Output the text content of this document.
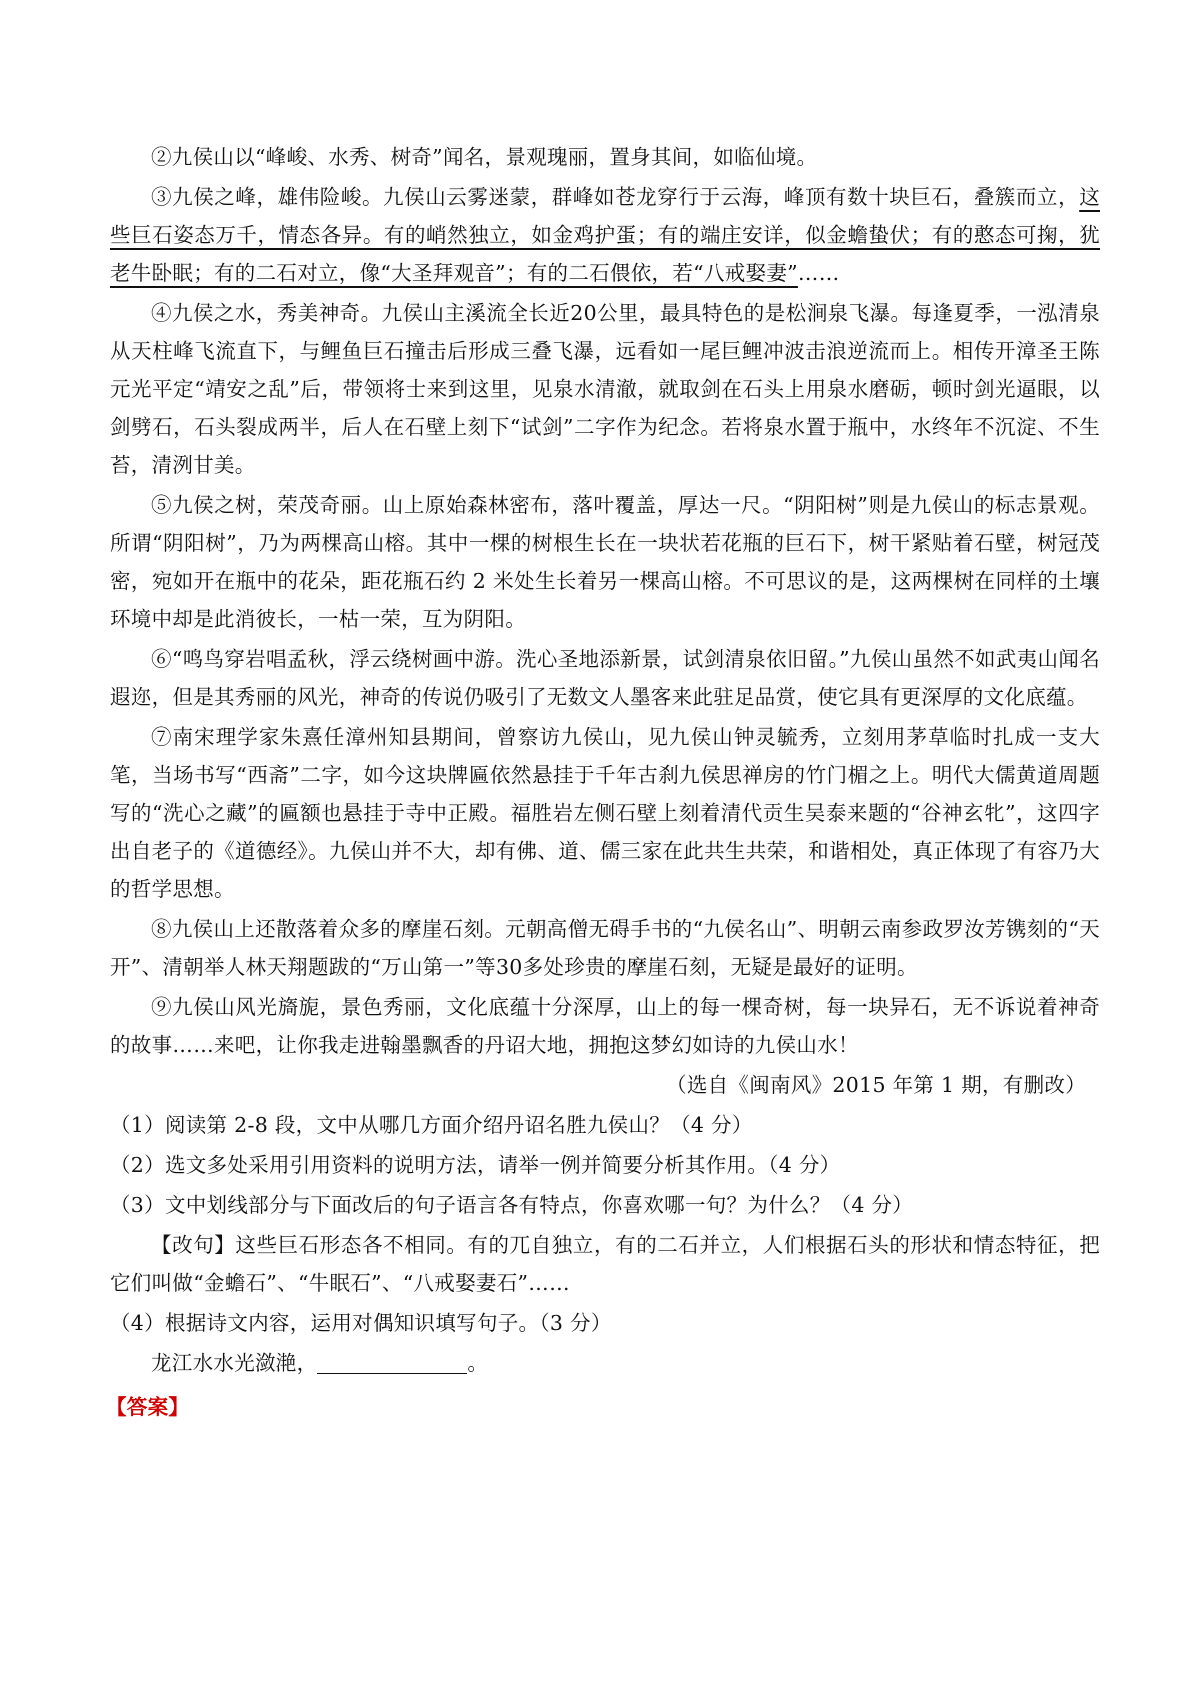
②九侯山以“峰峻、水秀、树奇”闻名，景观瑰丽，置身其间，如临仙境。

③九侯之峰，雄伟险峻。九侯山云雾迷蒙，群峰如苍龙穿行于云海，峰顶有数十块巨石，叠簇而立，这些巨石姿态万千，情态各异。有的峭然独立，如金鸡护蛋；有的端庄安详，似金蟾蛰伏；有的憨态可掬，犹老牛卧眠；有的二石对立，像“大圣拜观音”；有的二石偎依，若“八戒娶妻”……

④九侯之水，秀美神奇。九侯山主溪流全长近20公里，最具特色的是松涧泉飞瀑。每逢夏季，一泓清泉从天柱峰飞流直下，与鲤鱼巨石撞击后形成三叠飞瀑，远看如一尾巨鲤冲波击浪逆流而上。相传开漳圣王陈元光平定“靖安之乱”后，带领将士来到这里，见泉水清澈，就取剑在石头上用泉水磨砺，顿时剑光逼眼，以剑劈石，石头裂成两半，后人在石壁上刻下“试剑”二字作为纪念。若将泉水置于瓶中，水终年不沉淀、不生苔，清洌甘美。

⑤九侯之树，荣茂奇丽。山上原始森林密布，落叶覆盖，厚达一尺。“阴阳树”则是九侯山的标志景观。所谓“阴阳树”，乃为两棵高山榕。其中一棵的树根生长在一块状若花瓶的巨石下，树干紧贴着石壁，树冠茂密，宛如开在瓶中的花朵，距花瓶石约 2 米处生长着另一棵高山榕。不可思议的是，这两棵树在同样的土壤环境中却是此消彼长，一枯一荣，互为阴阳。

⑥“鸣鸟穿岩唱孟秋，浮云绕树画中游。洗心圣地添新景，试剑清泉依旧留。”九侯山虽然不如武夷山闻名遐迩，但是其秀丽的风光，神奇的传说仍吸引了无数文人墨客来此驻足品赏，使它具有更深厚的文化底蕴。

⑦南宋理学家朱熹任漳州知县期间，曾察访九侯山，见九侯山钟灵毓秀，立刻用茅草临时扎成一支大笔，当场书写“西斋”二字，如今这块牌匾依然悬挂于千年古刹九侯思禅房的竹门楣之上。明代大儒黄道周题写的“洗心之藏”的匾额也悬挂于寺中正殿。福胜岩左侧石壁上刻着清代贡生吴泰来题的“谷神玄牝”，这四字出自老子的《道德经》。九侯山并不大，却有佛、道、儒三家在此共生共荣，和谐相处，真正体现了有容乃大的哲学思想。

⑧九侯山上还散落着众多的摩崖石刻。元朝高僧无碍手书的“九侯名山”、明朝云南参政罗汝芳镌刻的“天开”、清朝举人林天翔题跋的“万山第一”等30多处珍贵的摩崖石刻，无疑是最好的证明。

⑨九侯山风光旖旎，景色秀丽，文化底蕴十分深厚，山上的每一棵奇树，每一块异石，无不诉说着神奇的故事……来吧，让你我走进翰墨飘香的丹诏大地，拥抱这梦幻如诗的九侯山水！

（选自《闽南风》2015 年第 1 期，有删改）

（1）阅读第 2-8 段，文中从哪几方面介绍丹诏名胜九侯山？（4 分）

（2）选文多处采用引用资料的说明方法，请举一例并简要分析其作用。（4 分）

（3）文中划线部分与下面改后的句子语言各有特点，你喜欢哪一句？为什么？（4 分）

【改句】这些巨石形态各不相同。有的兀自独立，有的二石并立，人们根据石头的形状和情态特征，把它们叫做“金蟾石”、“牛眠石”、“八戒娶妻石”……

（4）根据诗文内容，运用对偶知识填写句子。（3 分）

龙江水水光潋滟，	。

【答案】
